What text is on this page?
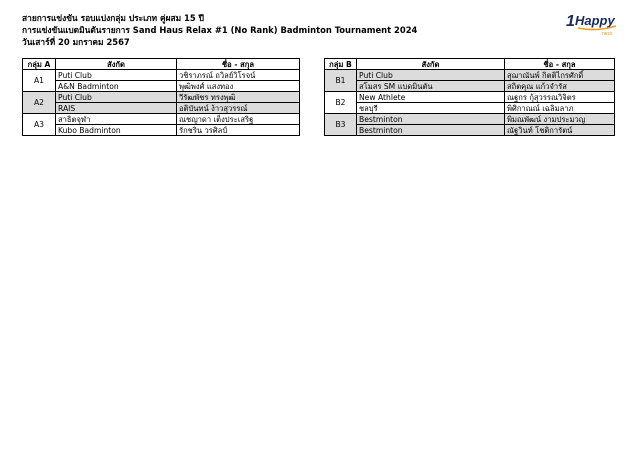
สายการแข่งขัน รอบแบ่งกลุ่ม ประเภท คู่ผสม 15 ปี
การแข่งขันแบดมินตันรายการ Sand Haus Relax #1 (No Rank) Badminton Tournament 2024
วันเสาร์ที่ 20 มกราคม 2567
1 Happy
ness
กลุ่ม A	สังกัด	ชื่อ - สกุล
A1	Puti Club	วชิราภรณ์ ถวิลย์วิโรจน์
	A&N Badminton	พุฒิพงศ์ แสงทอง
A2	Puti Club	วีรัฒพัชร ทรงพุฒิ
	RAIS	อติบันทน์ ง้าวสุวรรณ์
A3	สาธิตจุฬา	ณชญาดา เต็งประเสริฐ
	Kubo Badminton	รักชริน วรศิลป์
กลุ่ม B	สังกัด	ชื่อ - สกุล
B1	Puti Club	สุฌาณันพ์ กิตติไกรศักดิ์
	สโมสร SM แบดมินตัน	สถิตคุณ แก้วจำรัส
B2	New Athlete	ณฐกร กุ้สุวรรณวิจิตร
	ชลบุรี	พิศิกาณณ์ เฉลิมลาภ
B3	Bestminton	พิมณพัฒน์ งามประมวญ
	Bestminton	ณัฐวินท์ โชติการัตน์
